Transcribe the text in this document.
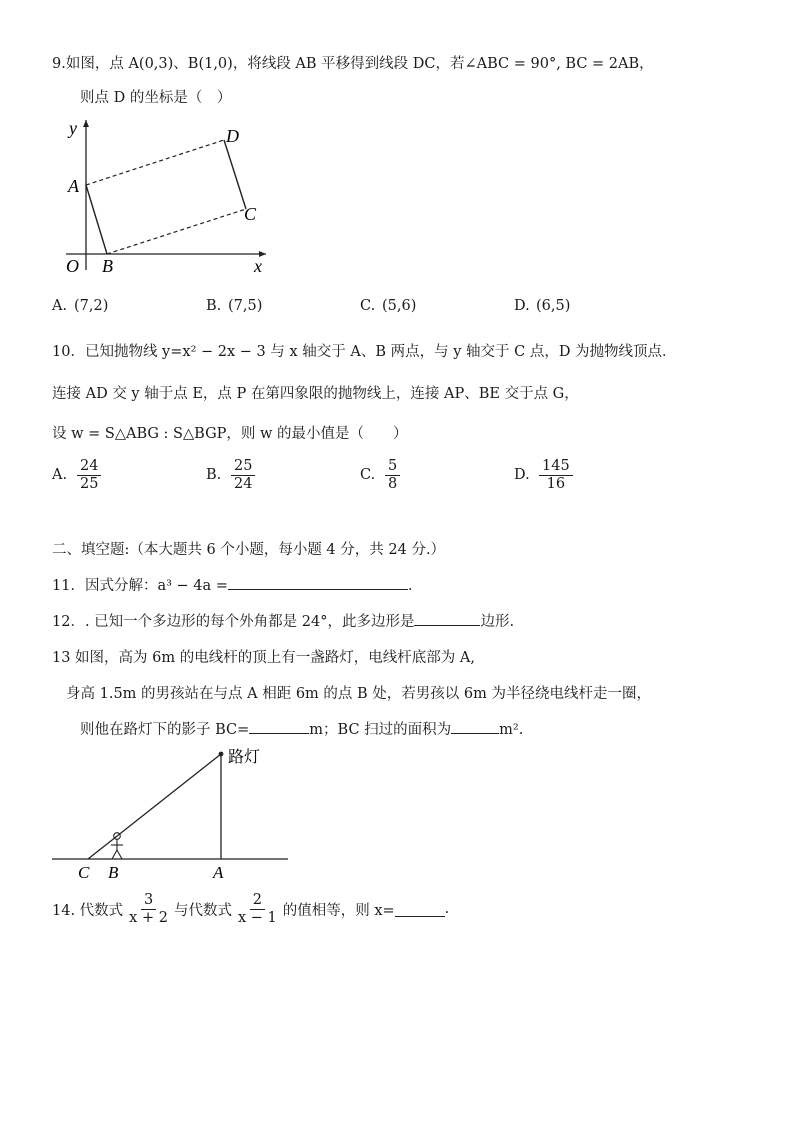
9.如图，点 A(0,3)、B(1,0)，将线段 AB 平移得到线段 DC，若∠ABC = 90°, BC = 2AB，
则点 D 的坐标是（　）
y
x
O
A
B
C
D
A. (7,2)	B. (7,5)	C. (5,6)	D. (6,5)
10．已知抛物线 y=x² − 2x − 3 与 x 轴交于 A、B 两点，与 y 轴交于 C 点，D 为抛物线顶点．
连接 AD 交 y 轴于点 E，点 P 在第四象限的抛物线上，连接 AP、BE 交于点 G，
设 w = S△ABG : S△BGP，则 w 的最小值是（　　）
A. $\frac{24}{25}$	B. $\frac{25}{24}$	C. $\frac{5}{8}$	D. $\frac{145}{16}$
二、填空题:（本大题共 6 个小题，每小题 4 分，共 24 分.）
11．因式分解：a³ − 4a =	.
12．. 已知一个多边形的每个外角都是 24°，此多边形是	边形.
13 如图，高为 6m 的电线杆的顶上有一盏路灯，电线杆底部为 A,
身高 1.5m 的男孩站在与点 A 相距 6m 的点 B 处，若男孩以 6m 为半径绕电线杆走一圈，
则他在路灯下的影子 BC=	m；BC 扫过的面积为	m².
路灯
C B	A
14. 代数式 $\frac{3}{x + 2}$ 与代数式 $\frac{2}{x - 1}$ 的值相等，则 x=	.
